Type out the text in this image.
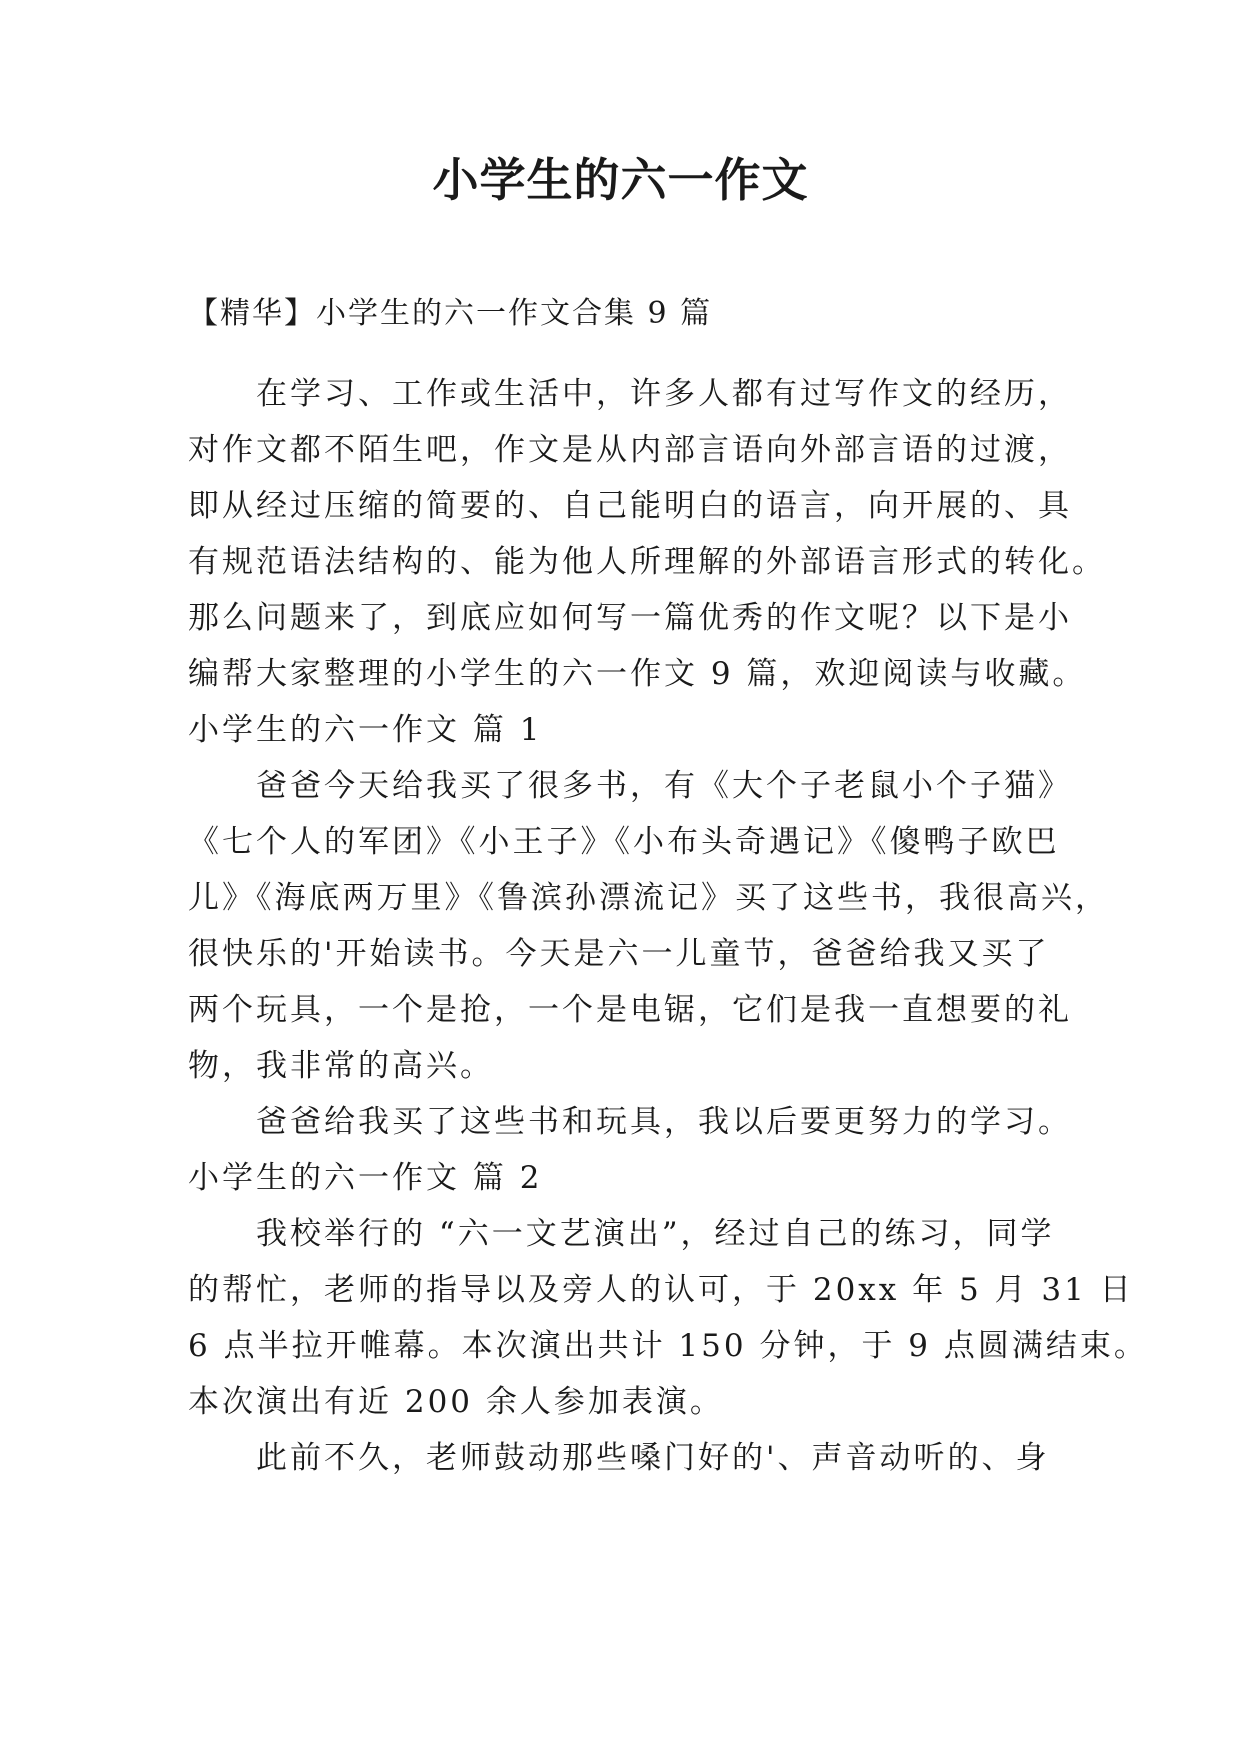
小学生的六一作文

【精华】小学生的六一作文合集 9 篇

在学习、工作或生活中，许多人都有过写作文的经历，

对作文都不陌生吧，作文是从内部言语向外部言语的过渡，

即从经过压缩的简要的、自己能明白的语言，向开展的、具

有规范语法结构的、能为他人所理解的外部语言形式的转化。

那么问题来了，到底应如何写一篇优秀的作文呢？以下是小

编帮大家整理的小学生的六一作文 9 篇，欢迎阅读与收藏。

小学生的六一作文 篇 1

爸爸今天给我买了很多书，有《大个子老鼠小个子猫》

《七个人的军团》《小王子》《小布头奇遇记》《傻鸭子欧巴

儿》《海底两万里》《鲁滨孙漂流记》买了这些书，我很高兴，

很快乐的'开始读书。今天是六一儿童节，爸爸给我又买了

两个玩具，一个是抢，一个是电锯，它们是我一直想要的礼

物，我非常的高兴。

爸爸给我买了这些书和玩具，我以后要更努力的学习。

小学生的六一作文 篇 2

我校举行的 “六一文艺演出”，经过自己的练习，同学

的帮忙，老师的指导以及旁人的认可，于 20xx 年 5 月 31 日

6 点半拉开帷幕。本次演出共计 150 分钟，于 9 点圆满结束。

本次演出有近 200 余人参加表演。

此前不久，老师鼓动那些嗓门好的'、声音动听的、身
